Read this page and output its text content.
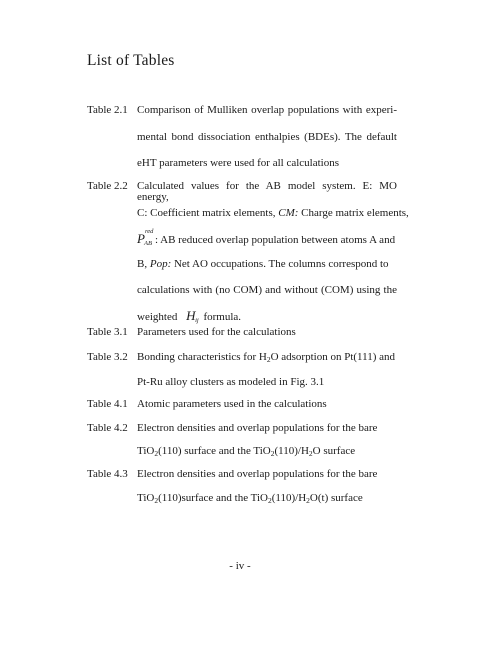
List of Tables
Table 2.1 Comparison of Mulliken overlap populations with experi-
mental bond dissociation enthalpies (BDEs). The default
eHT parameters were used for all calculations
Table 2.2 Calculated values for the AB model system. E: MO energy,
C: Coefficient matrix elements, CM: Charge matrix elements,
P red
AB : AB reduced overlap population between atoms A and
B, Pop: Net AO occupations. The columns correspond to
calculations with (no COM) and without (COM) using the
weighted H ij formula.
Table 3.1 Parameters used for the calculations
Table 3.2 Bonding characteristics for $H_2O$ adsorption on Pt(111) and
Pt-Ru alloy clusters as modeled in Fig. 3.1
Table 4.1 Atomic parameters used in the calculations
Table 4.2 Electron densities and overlap populations for the bare
TiO$_2$(110) surface and the $TiO_2(110)/H_2O$ surface
Table 4.3 Electron densities and overlap populations for the bare
TiO$_2$(110)surface and the $TiO_2(110)/H_2O(t)$ surface
- iv -
